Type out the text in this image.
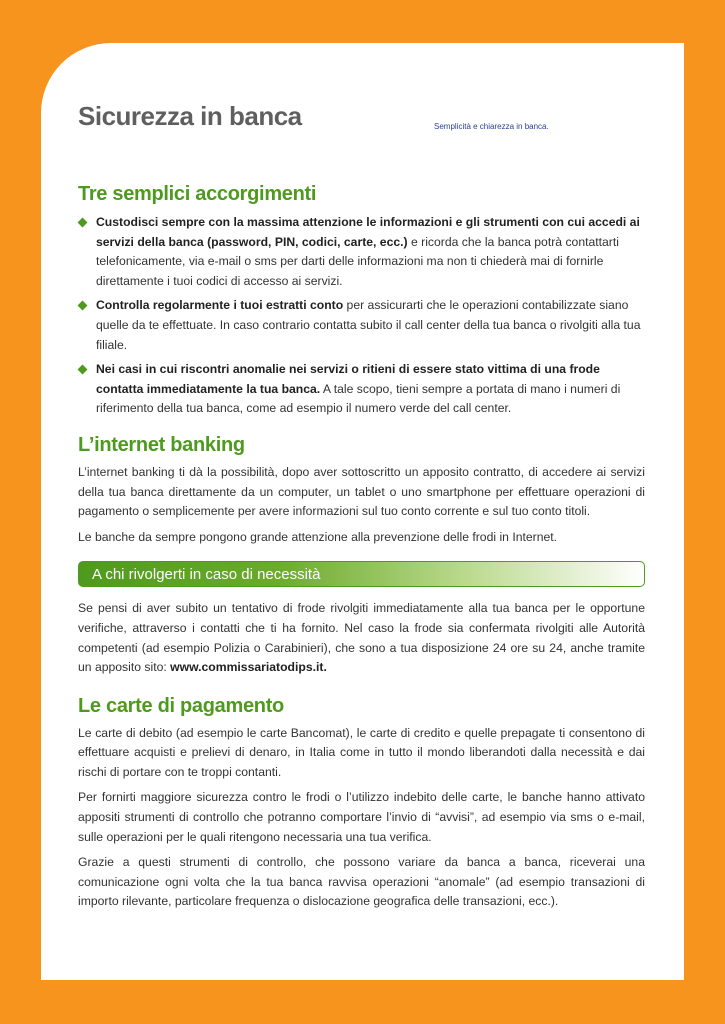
Sicurezza in banca	Semplicità e chiarezza in banca.

Tre semplici accorgimenti
Custodisci sempre con la massima attenzione le informazioni e gli strumenti con cui accedi ai servizi della banca (password, PIN, codici, carte, ecc.) e ricorda che la banca potrà contattarti telefonicamente, via e-mail o sms per darti delle informazioni ma non ti chiederà mai di fornirle direttamente i tuoi codici di accesso ai servizi.
Controlla regolarmente i tuoi estratti conto per assicurarti che le operazioni contabilizzate siano quelle da te effettuate. In caso contrario contatta subito il call center della tua banca o rivolgiti alla tua filiale.
Nei casi in cui riscontri anomalie nei servizi o ritieni di essere stato vittima di una frode contatta immediatamente la tua banca. A tale scopo, tieni sempre a portata di mano i numeri di riferimento della tua banca, come ad esempio il numero verde del call center.
L’internet banking

L’internet banking ti dà la possibilità, dopo aver sottoscritto un apposito contratto, di accedere ai servizi della tua banca direttamente da un computer, un tablet o uno smartphone per effettuare operazioni di pagamento o semplicemente per avere informazioni sul tuo conto corrente e sul tuo conto titoli.

Le banche da sempre pongono grande attenzione alla prevenzione delle frodi in Internet.

A chi rivolgerti in caso di necessità

Se pensi di aver subito un tentativo di frode rivolgiti immediatamente alla tua banca per le opportune verifiche, attraverso i contatti che ti ha fornito. Nel caso la frode sia confermata rivolgiti alle Autorità competenti (ad esempio Polizia o Carabinieri), che sono a tua disposizione 24 ore su 24, anche tramite un apposito sito: www.commissariatodips.it.

Le carte di pagamento

Le carte di debito (ad esempio le carte Bancomat), le carte di credito e quelle prepagate ti consentono di effettuare acquisti e prelievi di denaro, in Italia come in tutto il mondo liberandoti dalla necessità e dai rischi di portare con te troppi contanti.

Per fornirti maggiore sicurezza contro le frodi o l’utilizzo indebito delle carte, le banche hanno attivato appositi strumenti di controllo che potranno comportare l’invio di “avvisi”, ad esempio via sms o e-mail, sulle operazioni per le quali ritengono necessaria una tua verifica.

Grazie a questi strumenti di controllo, che possono variare da banca a banca, riceverai una comunicazione ogni volta che la tua banca ravvisa operazioni “anomale” (ad esempio transazioni di importo rilevante, particolare frequenza o dislocazione geografica delle transazioni, ecc.).
